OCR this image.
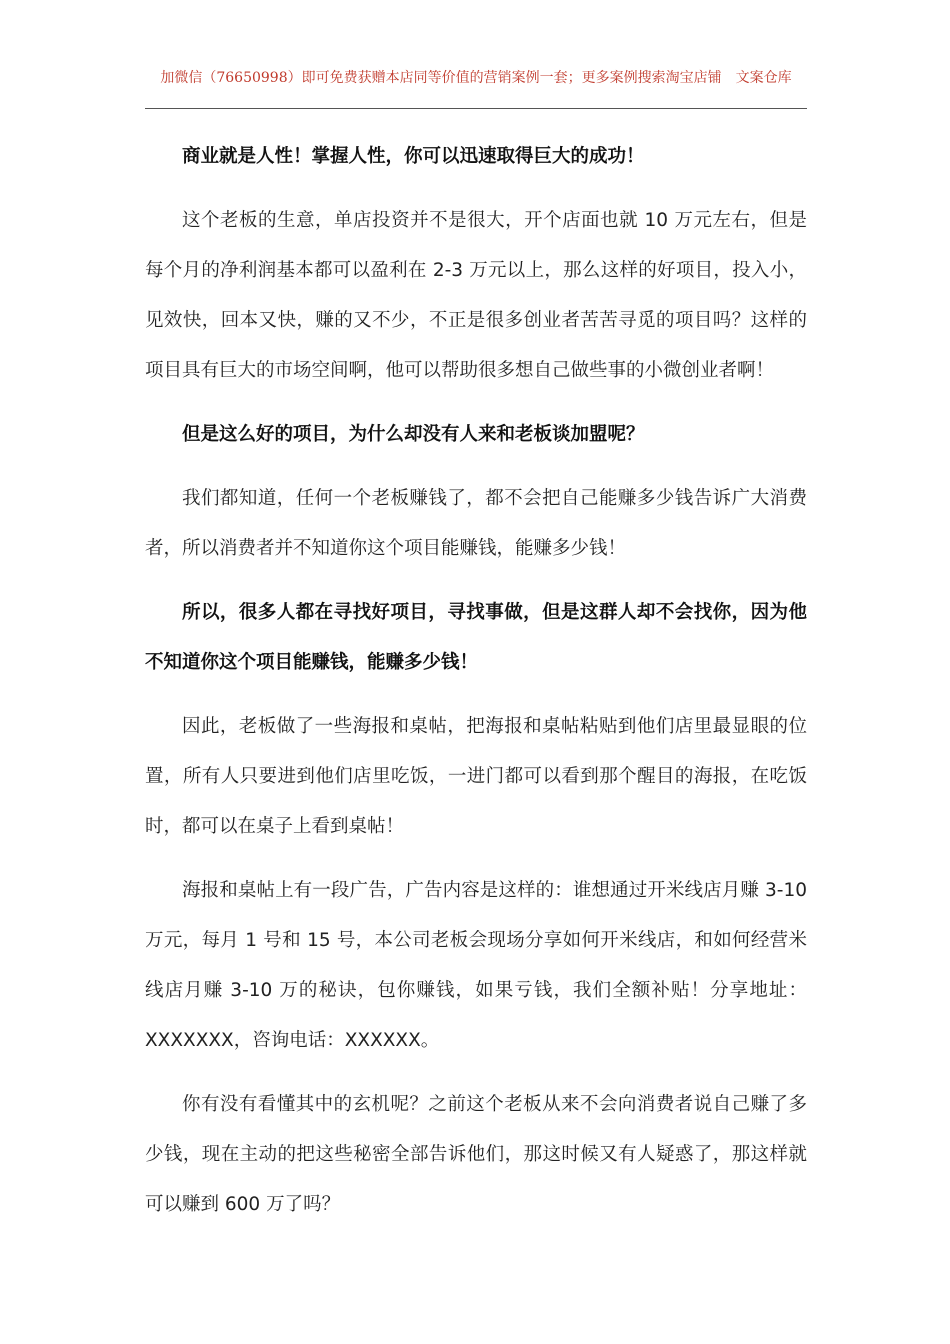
加微信（76650998）即可免费获赠本店同等价值的营销案例一套；更多案例搜索淘宝店铺　文案仓库

商业就是人性！掌握人性，你可以迅速取得巨大的成功！

这个老板的生意，单店投资并不是很大，开个店面也就 10 万元左右，但是每个月的净利润基本都可以盈利在 2-3 万元以上，那么这样的好项目，投入小，见效快，回本又快，赚的又不少，不正是很多创业者苦苦寻觅的项目吗？这样的项目具有巨大的市场空间啊，他可以帮助很多想自己做些事的小微创业者啊！

但是这么好的项目，为什么却没有人来和老板谈加盟呢？

我们都知道，任何一个老板赚钱了，都不会把自己能赚多少钱告诉广大消费者，所以消费者并不知道你这个项目能赚钱，能赚多少钱！

所以，很多人都在寻找好项目，寻找事做，但是这群人却不会找你，因为他不知道你这个项目能赚钱，能赚多少钱！

因此，老板做了一些海报和桌帖，把海报和桌帖粘贴到他们店里最显眼的位置，所有人只要进到他们店里吃饭，一进门都可以看到那个醒目的海报，在吃饭时，都可以在桌子上看到桌帖！

海报和桌帖上有一段广告，广告内容是这样的：谁想通过开米线店月赚 3-10 万元，每月 1 号和 15 号，本公司老板会现场分享如何开米线店，和如何经营米线店月赚 3-10 万的秘诀，包你赚钱，如果亏钱，我们全额补贴！分享地址：XXXXXXX，咨询电话：XXXXXX。

你有没有看懂其中的玄机呢？之前这个老板从来不会向消费者说自己赚了多少钱，现在主动的把这些秘密全部告诉他们，那这时候又有人疑惑了，那这样就可以赚到 600 万了吗？
